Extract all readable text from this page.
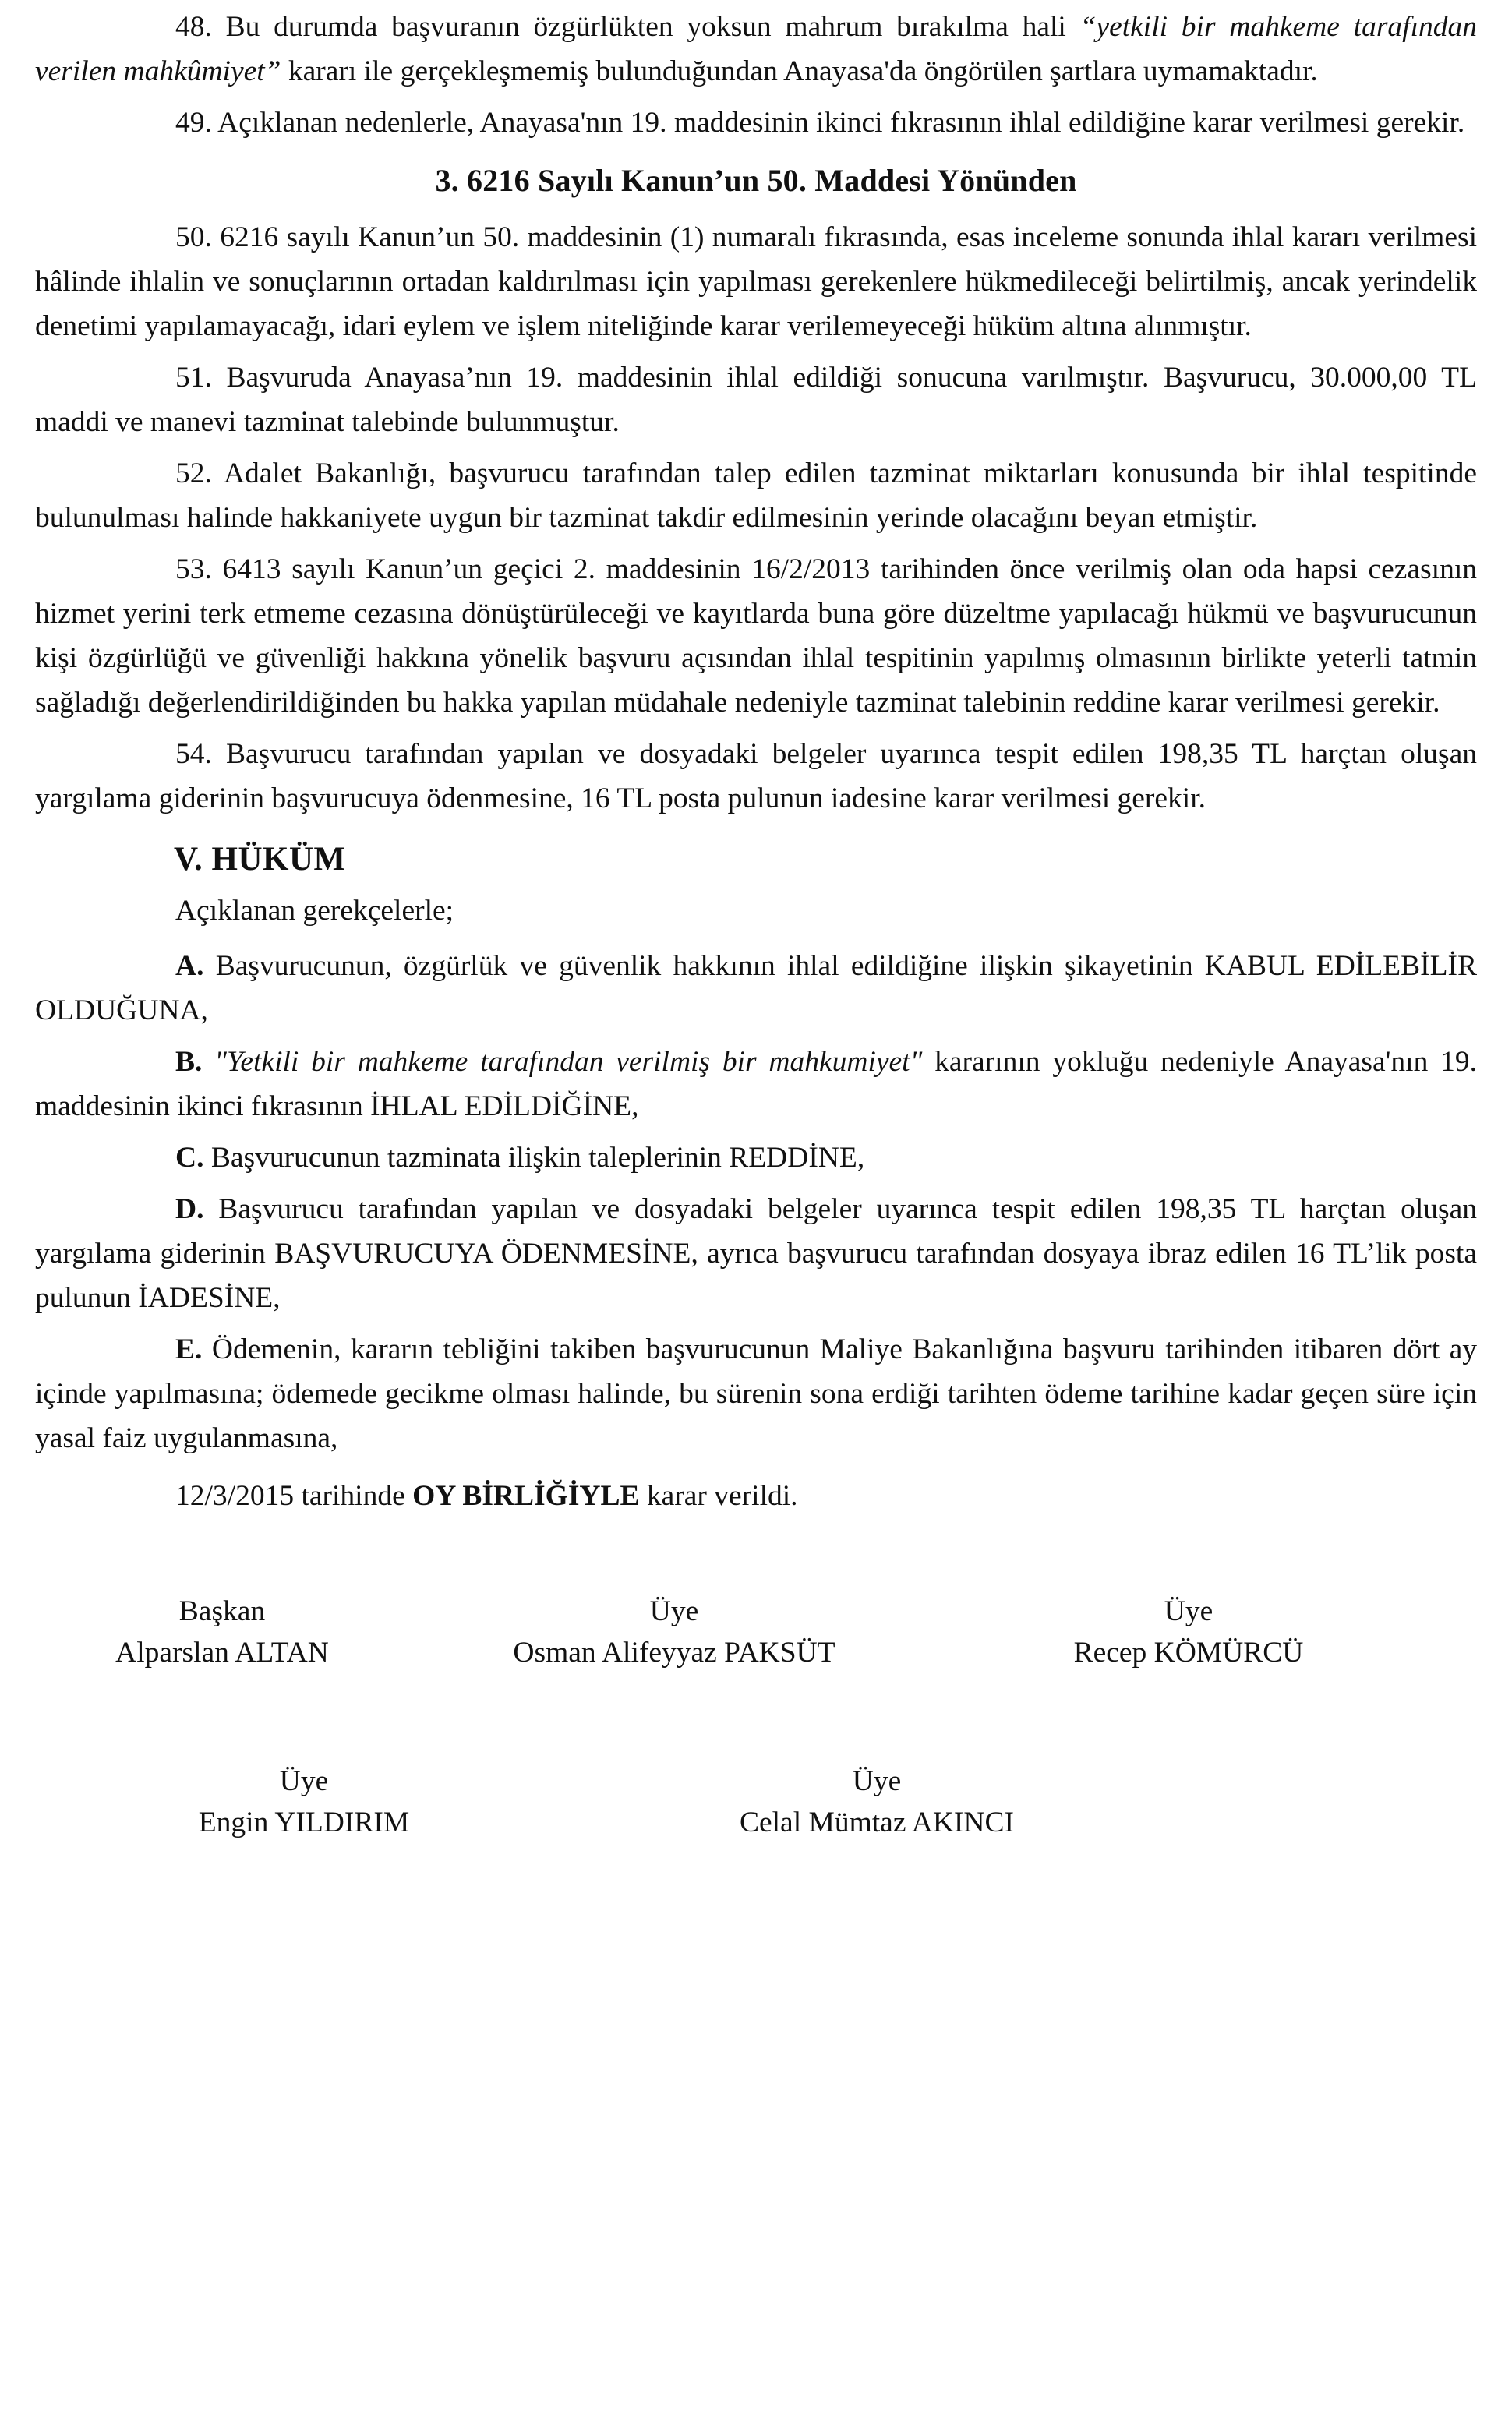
48. Bu durumda başvuranın özgürlükten yoksun mahrum bırakılma hali “yetkili bir mahkeme tarafından verilen mahkûmiyet” kararı ile gerçekleşmemiş bulunduğundan Anayasa'da öngörülen şartlara uymamaktadır.

49. Açıklanan nedenlerle, Anayasa'nın 19. maddesinin ikinci fıkrasının ihlal edildiğine karar verilmesi gerekir.

3. 6216 Sayılı Kanun’un 50. Maddesi Yönünden

50. 6216 sayılı Kanun’un 50. maddesinin (1) numaralı fıkrasında, esas inceleme sonunda ihlal kararı verilmesi hâlinde ihlalin ve sonuçlarının ortadan kaldırılması için yapılması gerekenlere hükmedileceği belirtilmiş, ancak yerindelik denetimi yapılamayacağı, idari eylem ve işlem niteliğinde karar verilemeyeceği hüküm altına alınmıştır.

51. Başvuruda Anayasa’nın 19. maddesinin ihlal edildiği sonucuna varılmıştır. Başvurucu, 30.000,00 TL maddi ve manevi tazminat talebinde bulunmuştur.

52. Adalet Bakanlığı, başvurucu tarafından talep edilen tazminat miktarları konusunda bir ihlal tespitinde bulunulması halinde hakkaniyete uygun bir tazminat takdir edilmesinin yerinde olacağını beyan etmiştir.

53. 6413 sayılı Kanun’un geçici 2. maddesinin 16/2/2013 tarihinden önce verilmiş olan oda hapsi cezasının hizmet yerini terk etmeme cezasına dönüştürüleceği ve kayıtlarda buna göre düzeltme yapılacağı hükmü ve başvurucunun kişi özgürlüğü ve güvenliği hakkına yönelik başvuru açısından ihlal tespitinin yapılmış olmasının birlikte yeterli tatmin sağladığı değerlendirildiğinden bu hakka yapılan müdahale nedeniyle tazminat talebinin reddine karar verilmesi gerekir.

54. Başvurucu tarafından yapılan ve dosyadaki belgeler uyarınca tespit edilen 198,35 TL harçtan oluşan yargılama giderinin başvurucuya ödenmesine, 16 TL posta pulunun iadesine karar verilmesi gerekir.

V. HÜKÜM
Açıklanan gerekçelerle;

A. Başvurucunun, özgürlük ve güvenlik hakkının ihlal edildiğine ilişkin şikayetinin KABUL EDİLEBİLİR OLDUĞUNA,

B. "Yetkili bir mahkeme tarafından verilmiş bir mahkumiyet" kararının yokluğu nedeniyle Anayasa'nın 19. maddesinin ikinci fıkrasının İHLAL EDİLDİĞİNE,

C. Başvurucunun tazminata ilişkin taleplerinin REDDİNE,

D. Başvurucu tarafından yapılan ve dosyadaki belgeler uyarınca tespit edilen 198,35 TL harçtan oluşan yargılama giderinin BAŞVURUCUYA ÖDENMESİNE, ayrıca başvurucu tarafından dosyaya ibraz edilen 16 TL’lik posta pulunun İADESİNE,

E. Ödemenin, kararın tebliğini takiben başvurucunun Maliye Bakanlığına başvuru tarihinden itibaren dört ay içinde yapılmasına; ödemede gecikme olması halinde, bu sürenin sona erdiği tarihten ödeme tarihine kadar geçen süre için yasal faiz uygulanmasına,

12/3/2015 tarihinde OY BİRLİĞİYLE karar verildi.
Başkan
Alparslan ALTAN
Üye
Osman Alifeyyaz PAKSÜT
Üye
Recep KÖMÜRCÜ
Üye
Engin YILDIRIM
Üye
Celal Mümtaz AKINCI
